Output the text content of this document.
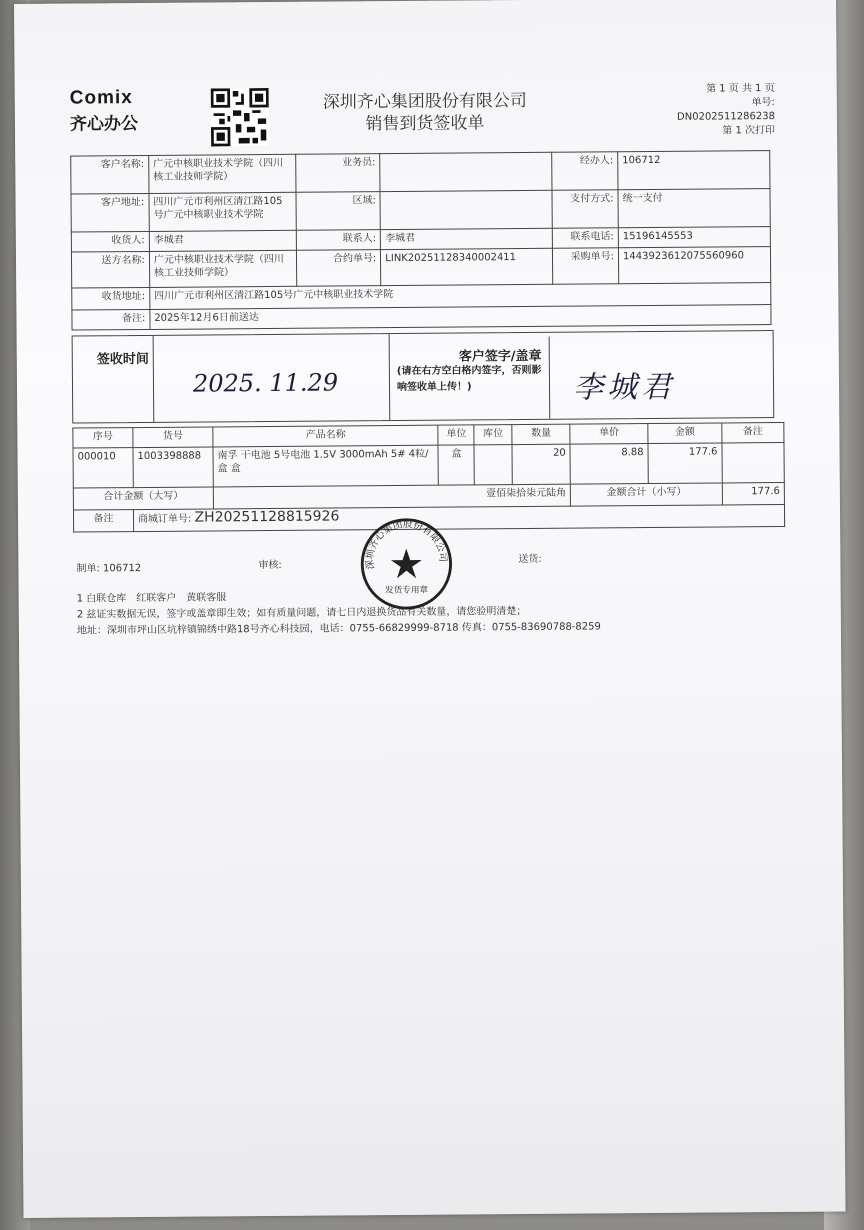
Comix
齐心办公
深圳齐心集团股份有限公司
销售到货签收单
第 1 页 共 1 页
单号: DN0202511286238
第 1 次打印
客户名称:	广元中核职业技术学院（四川核工业技师学院）	业务员:		经办人:	106712
客户地址:	四川广元市利州区清江路105号广元中核职业技术学院	区域:		支付方式:	统一支付
收货人:	李城君	联系人:	李城君	联系电话:	15196145553
送方名称:	广元中核职业技术学院（四川核工业技师学院）	合约单号:	LINK20251128340002411	采购单号:	1443923612075560960
收货地址:	四川广元市利州区清江路105号广元中核职业技术学院				
备注:	2025年12月6日前送达				
签收时间
2025. 11.29
客户签字/盖章
(请在右方空白格内签字，否则影响签收单上传！)	李城君
序号	货号	产品名称	单位	库位	数量	单价	金额	备注
000010	1003398888	南孚 干电池 5号电池 1.5V 3000mAh 5# 4粒/盒 盒	盒		20	8.88	177.6	
合计金额（大写）		壹佰柒拾柒元陆角				金额合计（小写）		177.6
备注	商城订单号: ZH20251128815926							
制单: 106712	审核:
送货:
1 白联仓库　红联客户　黄联客服
2 兹证实数据无误，签字或盖章即生效；如有质量问题，请七日内退换货品有关数量，请您验明清楚；
地址：深圳市坪山区坑梓镇锦绣中路18号齐心科技园，电话：0755-66829999-8718 传真：0755-83690788-8259
深圳齐心集团股份有限公司
发货专用章
